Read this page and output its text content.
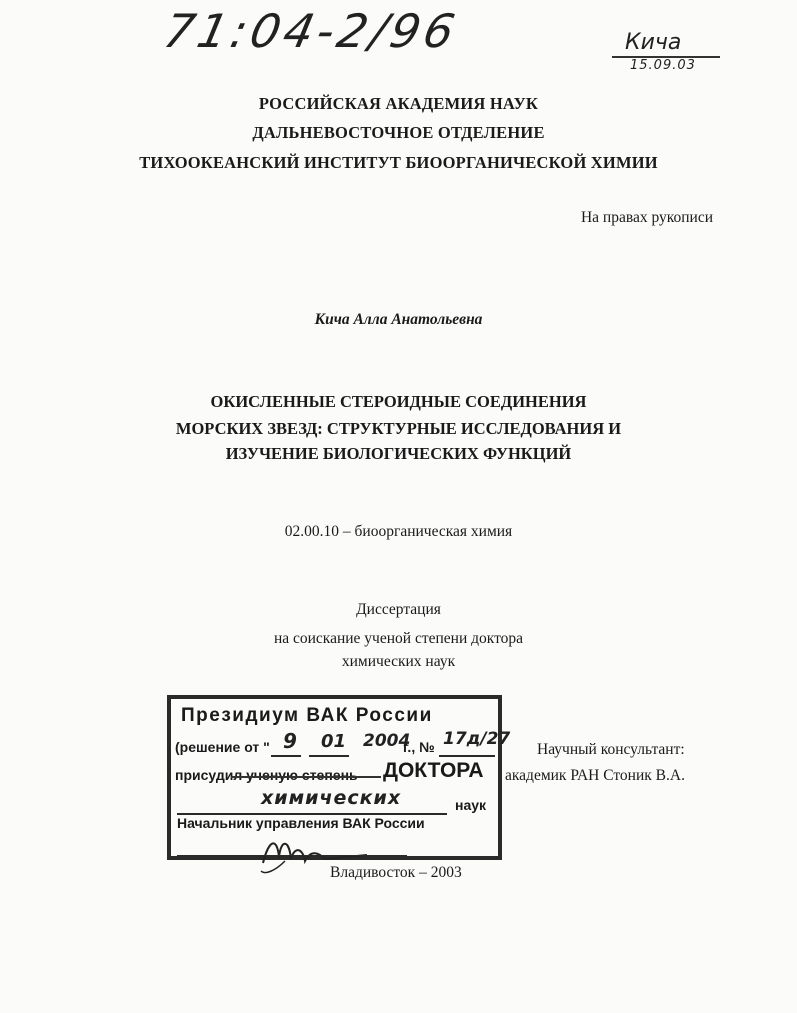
71:04-2/96	Кича
15.09.03
РОССИЙСКАЯ АКАДЕМИЯ НАУК
ДАЛЬНЕВОСТОЧНОЕ ОТДЕЛЕНИЕ
ТИХООКЕАНСКИЙ ИНСТИТУТ БИООРГАНИЧЕСКОЙ ХИМИИ
На правах рукописи
Кича Алла Анатольевна
ОКИСЛЕННЫЕ СТЕРОИДНЫЕ СОЕДИНЕНИЯ
МОРСКИХ ЗВЕЗД: СТРУКТУРНЫЕ ИССЛЕДОВАНИЯ И
ИЗУЧЕНИЕ БИОЛОГИЧЕСКИХ ФУНКЦИЙ
02.00.10 – биоорганическая химия
Диссертация
на соискание ученой степени доктора
химических наук
Научный консультант:
академик РАН Стоник В.А.
Президиум ВАК России
(решение от " 9 01 2004
г., № 17д/27
присудил ученую степень ДОКТОРА
химических	наук
Начальник управления ВАК России
Владивосток – 2003
